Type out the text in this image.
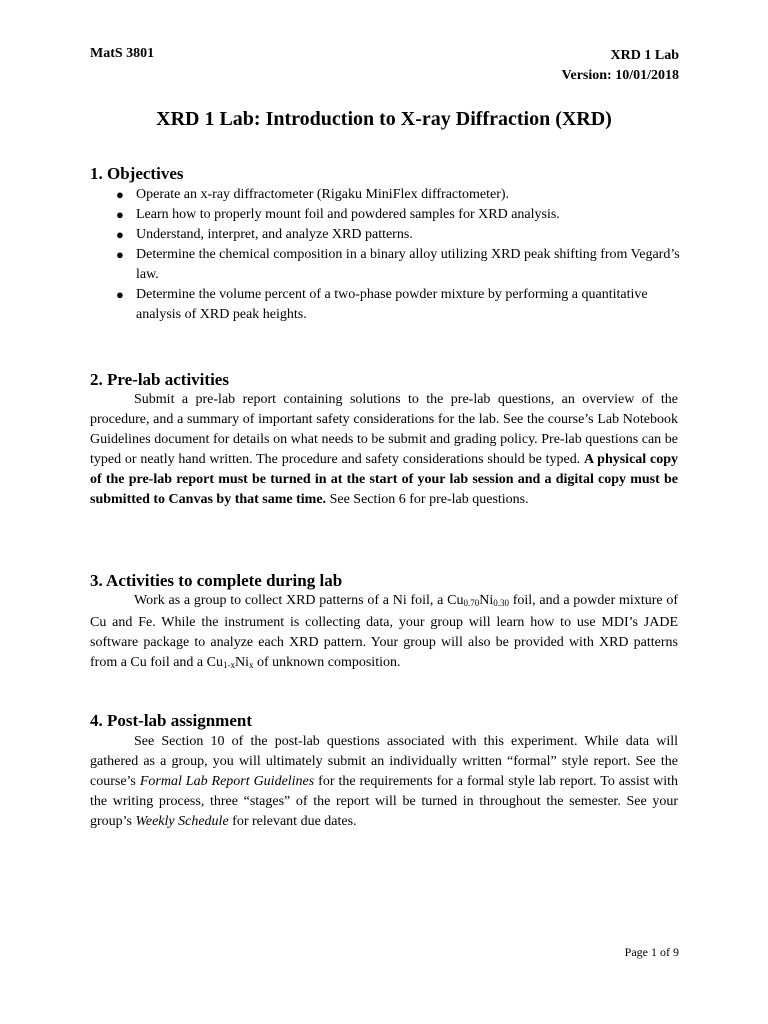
MatS 3801	XRD 1 Lab
Version: 10/01/2018
XRD 1 Lab: Introduction to X-ray Diffraction (XRD)
1. Objectives
● Operate an x-ray diffractometer (Rigaku MiniFlex diffractometer).
● Learn how to properly mount foil and powdered samples for XRD analysis.
● Understand, interpret, and analyze XRD patterns.
● Determine the chemical composition in a binary alloy utilizing XRD peak shifting from Vegard’s law.
● Determine the volume percent of a two-phase powder mixture by performing a quantitative analysis of XRD peak heights.
2. Pre-lab activities

Submit a pre-lab report containing solutions to the pre-lab questions, an overview of the procedure, and a summary of important safety considerations for the lab. See the course’s Lab Notebook Guidelines document for details on what needs to be submit and grading policy. Pre-lab questions can be typed or neatly hand written. The procedure and safety considerations should be typed. A physical copy of the pre-lab report must be turned in at the start of your lab session and a digital copy must be submitted to Canvas by that same time. See Section 6 for pre-lab questions.

3. Activities to complete during lab

Work as a group to collect XRD patterns of a Ni foil, a $Cu_{0.70}Ni_{0.30}$ foil, and a powder mixture of Cu and Fe. While the instrument is collecting data, your group will learn how to use MDI’s JADE software package to analyze each XRD pattern. Your group will also be provided with XRD patterns from a Cu foil and a $Cu_{1-x}Ni_x$ of unknown composition.

4. Post-lab assignment

See Section 10 of the post-lab questions associated with this experiment. While data will gathered as a group, you will ultimately submit an individually written “formal” style report. See the course’s Formal Lab Report Guidelines for the requirements for a formal style lab report. To assist with the writing process, three “stages” of the report will be turned in throughout the semester. See your group’s Weekly Schedule for relevant due dates.

Page 1 of 9
